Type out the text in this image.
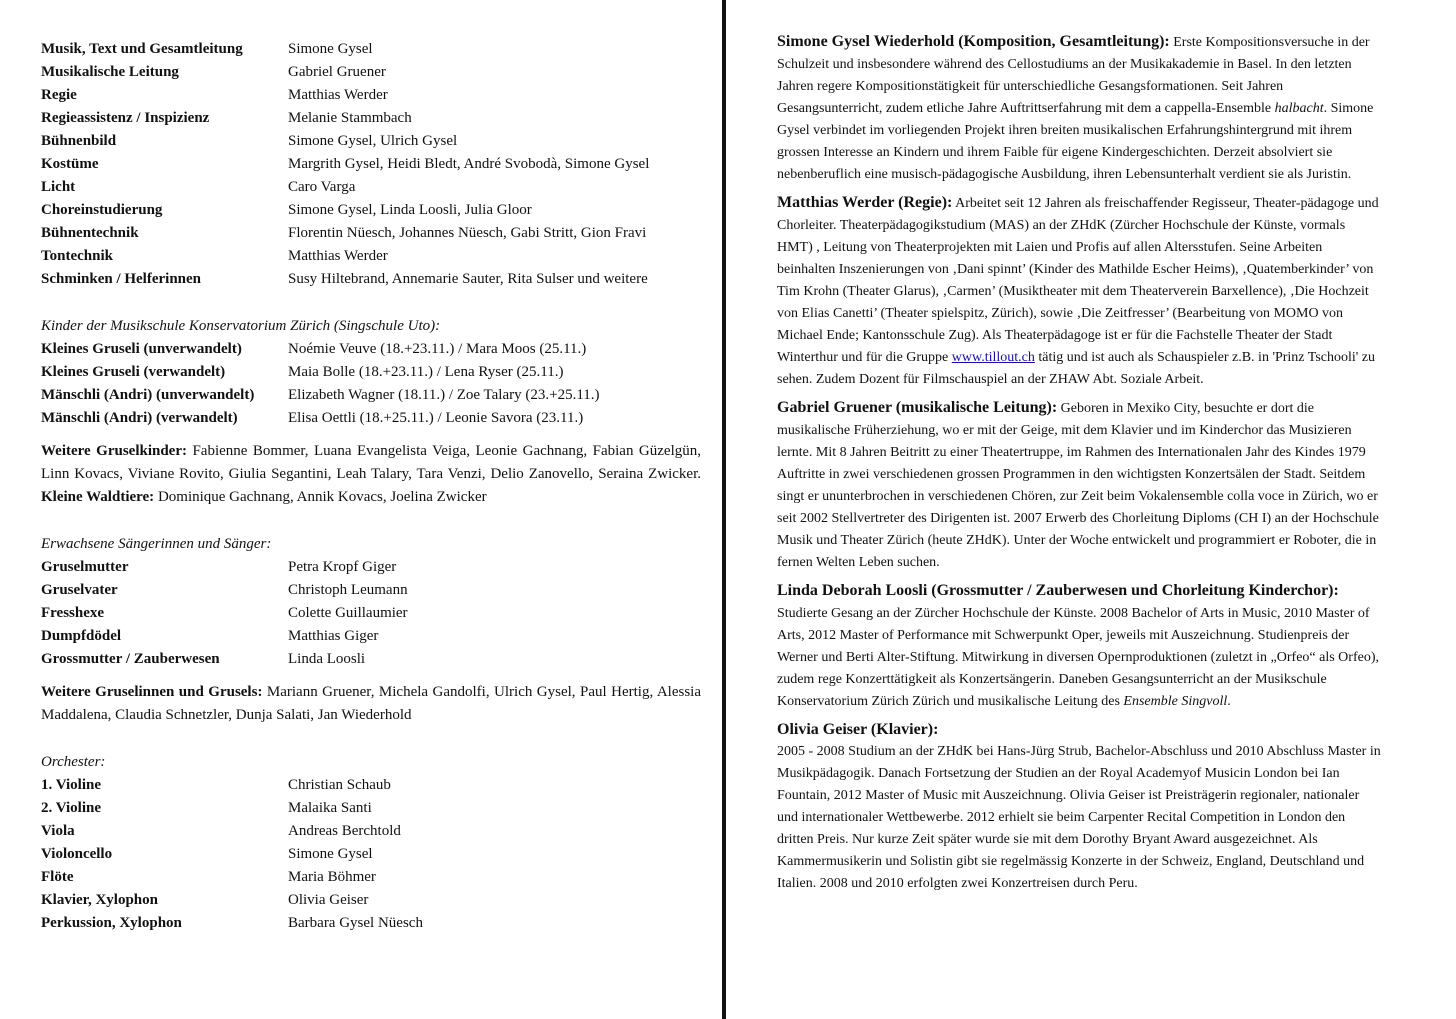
Musik, Text und Gesamtleitung	Simone Gysel
Musikalische Leitung	Gabriel Gruener
Regie	Matthias Werder
Regieassistenz / Inspizienz	Melanie Stammbach
Bühnenbild	Simone Gysel, Ulrich Gysel
Kostüme	Margrith Gysel, Heidi Bledt, André Svobodà, Simone Gysel
Licht	Caro Varga
Choreinstudierung	Simone Gysel, Linda Loosli, Julia Gloor
Bühnentechnik	Florentin Nüesch, Johannes Nüesch, Gabi Stritt, Gion Fravi
Tontechnik	Matthias Werder
Schminken / Helferinnen	Susy Hiltebrand, Annemarie Sauter, Rita Sulser und weitere
Kinder der Musikschule Konservatorium Zürich (Singschule Uto):
Kleines Gruseli (unverwandelt)	Noémie Veuve (18.+23.11.) / Mara Moos (25.11.)
Kleines Gruseli (verwandelt)	Maia Bolle (18.+23.11.) / Lena Ryser (25.11.)
Mänschli (Andri) (unverwandelt)	Elizabeth Wagner (18.11.) / Zoe Talary (23.+25.11.)
Mänschli (Andri) (verwandelt)	Elisa Oettli (18.+25.11.) / Leonie Savora (23.11.)
Weitere Gruselkinder: Fabienne Bommer, Luana Evangelista Veiga, Leonie Gachnang, Fabian Güzelgün, Linn Kovacs, Viviane Rovito, Giulia Segantini, Leah Talary, Tara Venzi, Delio Zanovello, Seraina Zwicker. Kleine Waldtiere: Dominique Gachnang, Annik Kovacs, Joelina Zwicker
Erwachsene Sängerinnen und Sänger:
Gruselmutter	Petra Kropf Giger
Gruselvater	Christoph Leumann
Fresshexe	Colette Guillaumier
Dumpfdödel	Matthias Giger
Grossmutter / Zauberwesen	Linda Loosli
Weitere Gruselinnen und Grusels: Mariann Gruener, Michela Gandolfi, Ulrich Gysel, Paul Hertig, Alessia Maddalena, Claudia Schnetzler, Dunja Salati, Jan Wiederhold
Orchester:
1. Violine	Christian Schaub
2. Violine	Malaika Santi
Viola	Andreas Berchtold
Violoncello	Simone Gysel
Flöte	Maria Böhmer
Klavier, Xylophon	Olivia Geiser
Perkussion, Xylophon	Barbara Gysel Nüesch
Simone Gysel Wiederhold (Komposition, Gesamtleitung): Erste Kompositionsversuche in der Schulzeit und insbesondere während des Cellostudiums an der Musikakademie in Basel. In den letzten Jahren regere Kompositionstätigkeit für unterschiedliche Gesangsformationen. Seit Jahren Gesangsunterricht, zudem etliche Jahre Auftrittserfahrung mit dem a cappella-Ensemble halbacht. Simone Gysel verbindet im vorliegenden Projekt ihren breiten musikalischen Erfahrungshintergrund mit ihrem grossen Interesse an Kindern und ihrem Faible für eigene Kindergeschichten. Derzeit absolviert sie nebenberuflich eine musisch-pädagogische Ausbildung, ihren Lebensunterhalt verdient sie als Juristin.
Matthias Werder (Regie): Arbeitet seit 12 Jahren als freischaffender Regisseur, Theater-pädagoge und Chorleiter. Theaterpädagogikstudium (MAS) an der ZHdK (Zürcher Hochschule der Künste, vormals HMT) , Leitung von Theaterprojekten mit Laien und Profis auf allen Altersstufen. Seine Arbeiten beinhalten Inszenierungen von ‚Dani spinnt’ (Kinder des Mathilde Escher Heims), ‚Quatemberkinder’ von Tim Krohn (Theater Glarus), ‚Carmen’ (Musiktheater mit dem Theaterverein Barxellence), ‚Die Hochzeit von Elias Canetti’ (Theater spielspitz, Zürich), sowie ‚Die Zeitfresser’ (Bearbeitung von MOMO von Michael Ende; Kantonsschule Zug). Als Theaterpädagoge ist er für die Fachstelle Theater der Stadt Winterthur und für die Gruppe www.tillout.ch tätig und ist auch als Schauspieler z.B. in 'Prinz Tschooli' zu sehen. Zudem Dozent für Filmschauspiel an der ZHAW Abt. Soziale Arbeit.
Gabriel Gruener (musikalische Leitung): Geboren in Mexiko City, besuchte er dort die musikalische Früherziehung, wo er mit der Geige, mit dem Klavier und im Kinderchor das Musizieren lernte. Mit 8 Jahren Beitritt zu einer Theatertruppe, im Rahmen des Internationalen Jahr des Kindes 1979 Auftritte in zwei verschiedenen grossen Programmen in den wichtigsten Konzertsälen der Stadt. Seitdem singt er ununterbrochen in verschiedenen Chören, zur Zeit beim Vokalensemble colla voce in Zürich, wo er seit 2002 Stellvertreter des Dirigenten ist. 2007 Erwerb des Chorleitung Diploms (CH I) an der Hochschule Musik und Theater Zürich (heute ZHdK). Unter der Woche entwickelt und programmiert er Roboter, die in fernen Welten Leben suchen.
Linda Deborah Loosli (Grossmutter / Zauberwesen und Chorleitung Kinderchor): Studierte Gesang an der Zürcher Hochschule der Künste. 2008 Bachelor of Arts in Music, 2010 Master of Arts, 2012 Master of Performance mit Schwerpunkt Oper, jeweils mit Auszeichnung. Studienpreis der Werner und Berti Alter-Stiftung. Mitwirkung in diversen Opernproduktionen (zuletzt in „Orfeo“ als Orfeo), zudem rege Konzerttätigkeit als Konzertsängerin. Daneben Gesangsunterricht an der Musikschule Konservatorium Zürich Zürich und musikalische Leitung des Ensemble Singvoll.
Olivia Geiser (Klavier):
2005 - 2008 Studium an der ZHdK bei Hans-Jürg Strub, Bachelor-Abschluss und 2010 Abschluss Master in Musikpädagogik. Danach Fortsetzung der Studien an der Royal Academyof Musicin London bei Ian Fountain, 2012 Master of Music mit Auszeichnung. Olivia Geiser ist Preisträgerin regionaler, nationaler und internationaler Wettbewerbe. 2012 erhielt sie beim Carpenter Recital Competition in London den dritten Preis. Nur kurze Zeit später wurde sie mit dem Dorothy Bryant Award ausgezeichnet. Als Kammermusikerin und Solistin gibt sie regelmässig Konzerte in der Schweiz, England, Deutschland und Italien. 2008 und 2010 erfolgten zwei Konzertreisen durch Peru.
